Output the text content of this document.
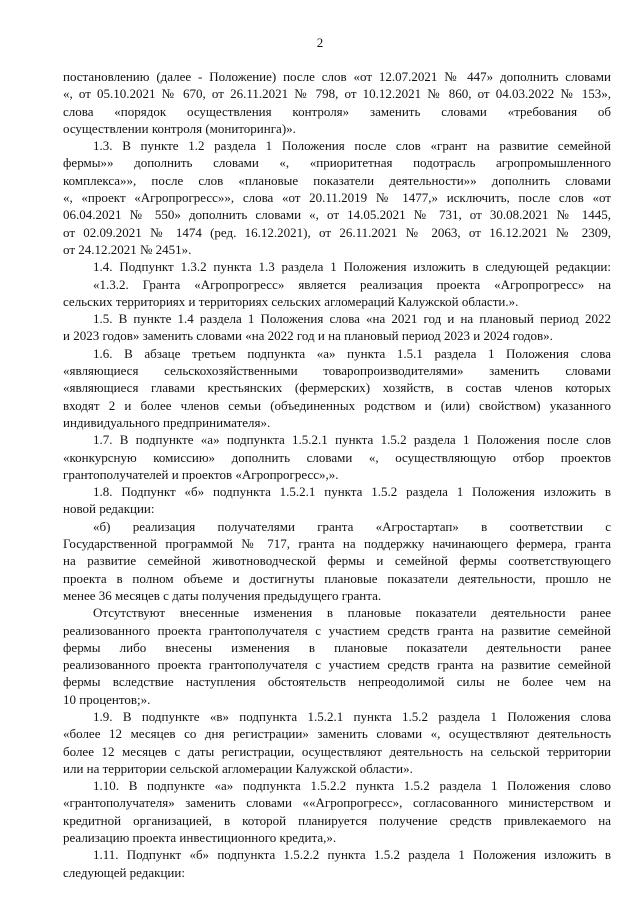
2
постановлению (далее - Положение) после слов «от 12.07.2021 № 447» дополнить словами
«, от 05.10.2021 № 670, от 26.11.2021 № 798, от 10.12.2021 № 860, от 04.03.2022 № 153»,
слова «порядок осуществления контроля» заменить словами «требования об
осуществлении контроля (мониторинга)».
1.3. В пункте 1.2 раздела 1 Положения после слов «грант на развитие семейной
фермы»» дополнить словами «, «приоритетная подотрасль агропромышленного
комплекса»», после слов «плановые показатели деятельности»» дополнить словами
«, «проект «Агропрогресс»», слова «от 20.11.2019 № 1477,» исключить, после слов «от
06.04.2021 № 550» дополнить словами «, от 14.05.2021 № 731, от 30.08.2021 № 1445,
от 02.09.2021 № 1474 (ред. 16.12.2021), от 26.11.2021 № 2063, от 16.12.2021 № 2309,
от 24.12.2021 № 2451».
1.4. Подпункт 1.3.2 пункта 1.3 раздела 1 Положения изложить в следующей редакции:
«1.3.2. Гранта «Агропрогресс» является реализация проекта «Агропрогресс» на
сельских территориях и территориях сельских агломераций Калужской области.».
1.5. В пункте 1.4 раздела 1 Положения слова «на 2021 год и на плановый период 2022
и 2023 годов» заменить словами «на 2022 год и на плановый период 2023 и 2024 годов».
1.6. В абзаце третьем подпункта «а» пункта 1.5.1 раздела 1 Положения слова
«являющиеся сельскохозяйственными товаропроизводителями» заменить словами
«являющиеся главами крестьянских (фермерских) хозяйств, в состав членов которых
входят 2 и более членов семьи (объединенных родством и (или) свойством) указанного
индивидуального предпринимателя».
1.7. В подпункте «а» подпункта 1.5.2.1 пункта 1.5.2 раздела 1 Положения после слов
«конкурсную комиссию» дополнить словами «, осуществляющую отбор проектов
грантополучателей и проектов «Агропрогресс»,».
1.8. Подпункт «б» подпункта 1.5.2.1 пункта 1.5.2 раздела 1 Положения изложить в
новой редакции:
«б) реализация получателями гранта «Агростартап» в соответствии с
Государственной программой № 717, гранта на поддержку начинающего фермера, гранта
на развитие семейной животноводческой фермы и семейной фермы соответствующего
проекта в полном объеме и достигнуты плановые показатели деятельности, прошло не
менее 36 месяцев с даты получения предыдущего гранта.
Отсутствуют внесенные изменения в плановые показатели деятельности ранее
реализованного проекта грантополучателя с участием средств гранта на развитие семейной
фермы либо внесены изменения в плановые показатели деятельности ранее
реализованного проекта грантополучателя с участием средств гранта на развитие семейной
фермы вследствие наступления обстоятельств непреодолимой силы не более чем на
10 процентов;».
1.9. В подпункте «в» подпункта 1.5.2.1 пункта 1.5.2 раздела 1 Положения слова
«более 12 месяцев со дня регистрации» заменить словами «, осуществляют деятельность
более 12 месяцев с даты регистрации, осуществляют деятельность на сельской территории
или на территории сельской агломерации Калужской области».
1.10. В подпункте «а» подпункта 1.5.2.2 пункта 1.5.2 раздела 1 Положения слово
«грантополучателя» заменить словами ««Агропрогресс», согласованного министерством и
кредитной организацией, в которой планируется получение средств привлекаемого на
реализацию проекта инвестиционного кредита,».
1.11. Подпункт «б» подпункта 1.5.2.2 пункта 1.5.2 раздела 1 Положения изложить в
следующей редакции:
